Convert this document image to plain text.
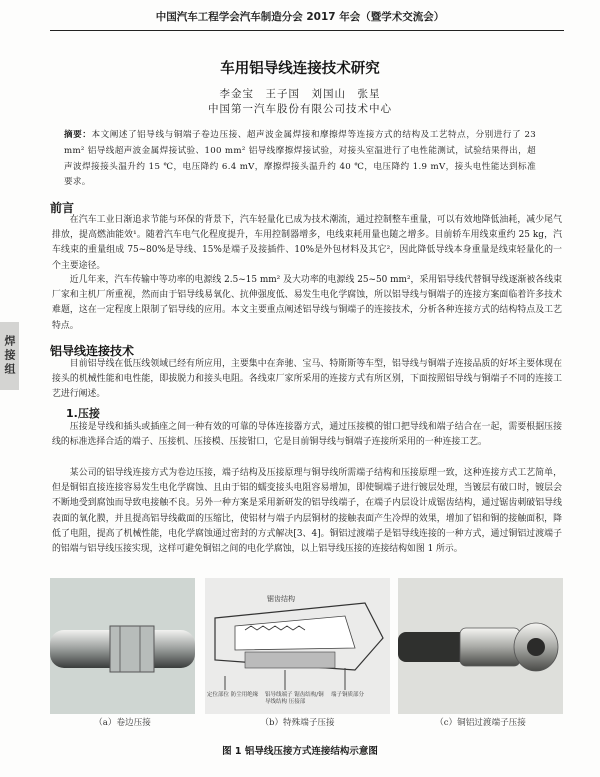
中国汽车工程学会汽车制造分会 2017 年会（暨学术交流会）
车用铝导线连接技术研究
李金宝　王子国　刘国山　张星
中国第一汽车股份有限公司技术中心
摘要：本文阐述了铝导线与铜端子卷边压接、超声波金属焊接和摩擦焊等连接方式的结构及工艺特点，分别进行了 23 mm² 铝导线超声波金属焊接试验、100 mm² 铝导线摩擦焊接试验，对接头室温进行了电性能测试，试验结果得出，超声波焊接接头温升约 15 ℃，电压降约 6.4 mV，摩擦焊接头温升约 40 ℃，电压降约 1.9 mV，接头电性能达到标准要求。
前言
在汽车工业日渐追求节能与环保的背景下，汽车轻量化已成为技术潮流，通过控制整车重量，可以有效地降低油耗，减少尾气排放，提高燃油能效¹。随着汽车电气化程度提升，车用控制器增多，电线束耗用量也随之增多。目前轿车用线束重约 25 kg，汽车线束的重量组成 75~80%是导线、15%是端子及接插件、10%是外包材料及其它²，因此降低导线本身重量是线束轻量化的一个主要途径。
近几年来，汽车传输中等功率的电源线 2.5~15 mm² 及大功率的电源线 25~50 mm²，采用铝导线代替铜导线逐渐被各线束厂家和主机厂所重视，然而由于铝导线易氧化、抗伸强度低、易发生电化学腐蚀，所以铝导线与铜端子的连接方案面临着许多技术难题，这在一定程度上限制了铝导线的应用。本文主要重点阐述铝导线与铜端子的连接技术，分析各种连接方式的结构特点及工艺特点。
焊接组	铝导线连接技术
目前铝导线在低压线领域已经有所应用，主要集中在奔驰、宝马、特斯斯等车型，铝导线与铜端子连接品质的好坏主要体现在接头的机械性能和电性能，即拔脱力和接头电阻。各线束厂家所采用的连接方式有所区别，下面按照铝导线与铜端子不同的连接工艺进行阐述。
1.压接
压接是导线和插头或插座之间一种有效的可靠的导体连接器方式，通过压接模的钳口把导线和端子结合在一起，需要根据压接线的标准选择合适的端子、压接机、压接模、压接钳口，它是目前铜导线与铜端子连接所采用的一种连接工艺。
某公司的铝导线连接方式为卷边压接，端子结构及压接原理与铜导线所需端子结构和压接原理一致，这种连接方式工艺简单，但是铜铝直接连接容易发生电化学腐蚀、且由于铝的蠕变接头电阻容易增加，即使铜端子进行镀层处理，当镀层有破口时，镀层会不断地受到腐蚀而导致电接触不良。另外一种方案是采用新研发的铝导线端子，在端子内层设计成锯齿结构，通过锯齿刺破铝导线表面的氧化膜，并且提高铝导线截面的压缩比，使铝材与端子内层铜材的接触表面产生冷焊的效果，增加了铝和铜的接触面积，降低了电阻，提高了机械性能，电化学腐蚀通过密封的方式解决[3、4]。铜铝过渡端子是铝导线连接的一种方式，通过铜铝过渡端子的铝端与铝导线压接实现，这样可避免铜铝之间的电化学腐蚀，以上铝导线压接的连接结构如图 1 所示。
锯齿结构
定位部位 防尘用绝缘	铝导线端子 锯齿结构/铜导线结构 压接部
端子铜质部分
（a）卷边压接	（b）特殊端子压接	（c）铜铝过渡端子压接
图 1 铝导线压接方式连接结构示意图
